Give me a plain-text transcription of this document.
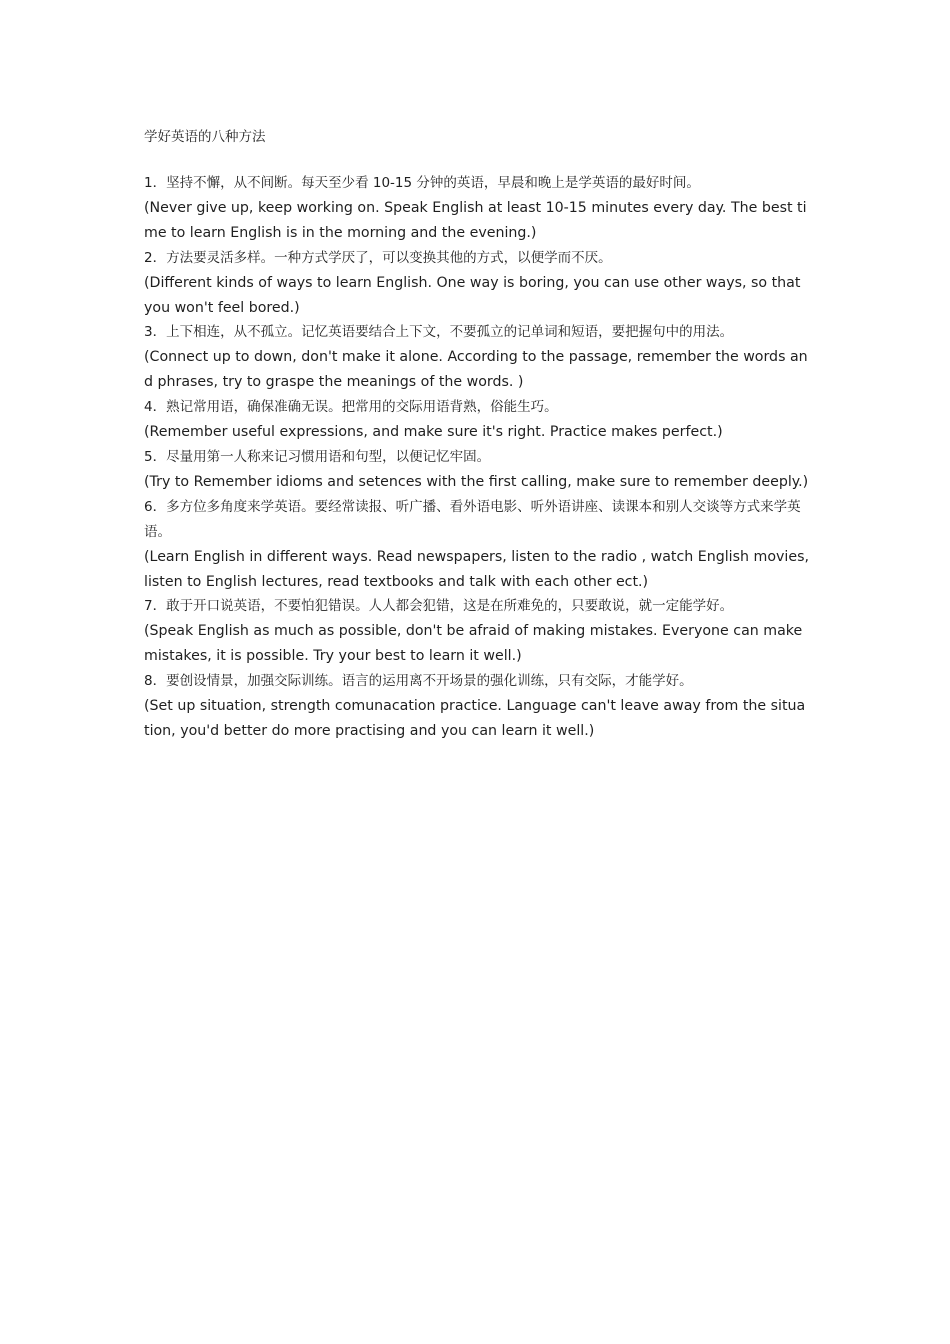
学好英语的八种方法

1．坚持不懈，从不间断。每天至少看 10-15 分钟的英语，早晨和晚上是学英语的最好时间。

(Never give up, keep working on. Speak English at least 10-15 minutes every day. The best time to learn English is in the morning and the evening.)

2．方法要灵活多样。一种方式学厌了，可以变换其他的方式，以便学而不厌。

(Different kinds of ways to learn English. One way is boring, you can use other ways, so that you won't feel bored.)

3．上下相连，从不孤立。记忆英语要结合上下文，不要孤立的记单词和短语，要把握句中的用法。

(Connect up to down, don't make it alone. According to the passage, remember the words and phrases, try to graspe the meanings of the words. )

4．熟记常用语，确保准确无误。把常用的交际用语背熟，俗能生巧。

(Remember useful expressions, and make sure it's right. Practice makes perfect.)

5．尽量用第一人称来记习惯用语和句型，以便记忆牢固。

(Try to Remember idioms and setences with the first calling, make sure to remember deeply.)

6．多方位多角度来学英语。要经常读报、听广播、看外语电影、听外语讲座、读课本和别人交谈等方式来学英语。

(Learn English in different ways. Read newspapers, listen to the radio , watch English movies, listen to English lectures, read textbooks and talk with each other ect.)

7．敢于开口说英语，不要怕犯错误。人人都会犯错，这是在所难免的，只要敢说，就一定能学好。

(Speak English as much as possible, don't be afraid of making mistakes. Everyone can make mistakes, it is possible. Try your best to learn it well.)

8．要创设情景，加强交际训练。语言的运用离不开场景的强化训练，只有交际，才能学好。

(Set up situation, strength comunacation practice. Language can't leave away from the situation, you'd better do more practising and you can learn it well.)
